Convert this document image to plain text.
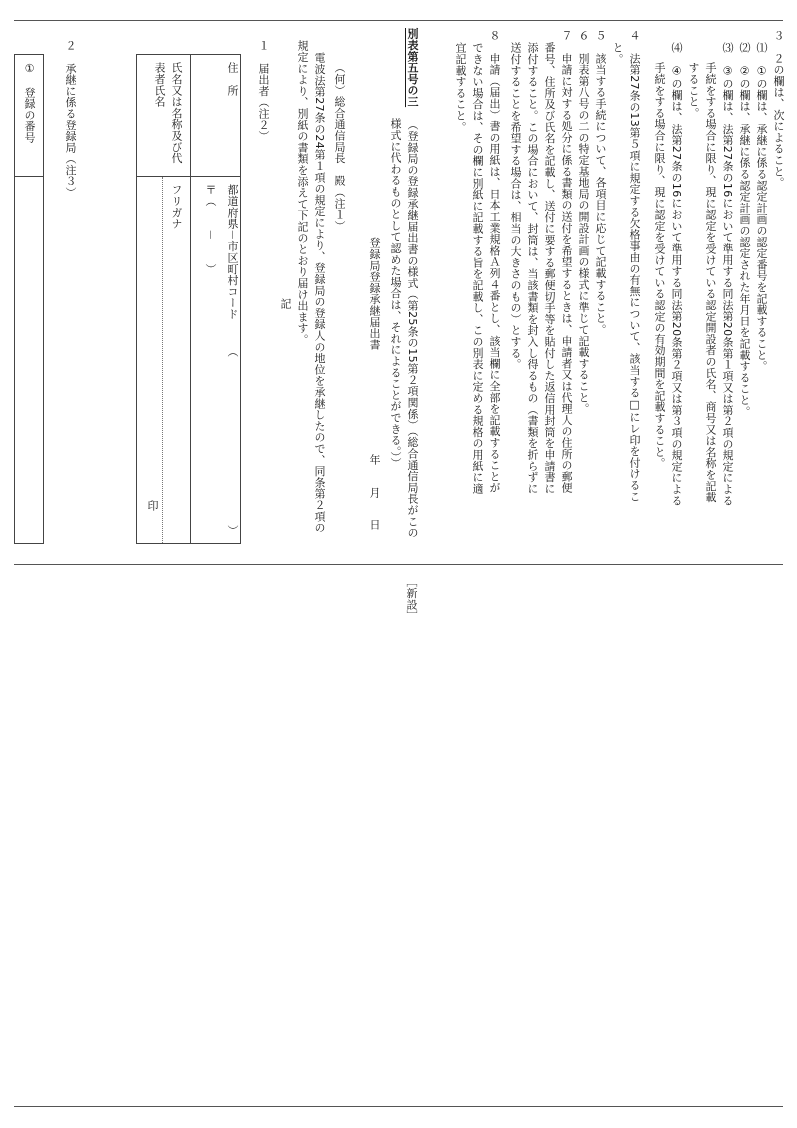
３　２の欄は、次によること。
⑴　①の欄は、承継に係る認定計画の認定番号を記載すること。
⑵　②の欄は、承継に係る認定計画の認定された年月日を記載すること。
⑶　③の欄は、法第27条の16において準用する同法第20条第１項又は第２項の規定による
手続をする場合に限り、現に認定を受けている認定開設者の氏名、商号又は名称を記載
すること。
⑷　④の欄は、法第27条の16において準用する同法第20条第２項又は第３項の規定による
手続をする場合に限り、現に認定を受けている認定の有効期間を記載すること。
４　法第27条の13第５項に規定する欠格事由の有無について、該当する□にレ印を付けるこ
と。
５　該当する手続について、各項目に応じて記載すること。
６　別表第八号の二の特定基地局の開設計画の様式に準じて記載すること。
７　申請に対する処分に係る書類の送付を希望するときは、申請者又は代理人の住所の郵便
番号、住所及び氏名を記載し、送付に要する郵便切手等を貼付した返信用封筒を申請書に
添付すること。この場合において、封筒は、当該書類を封入し得るもの（書類を折らずに
送付することを希望する場合は、相当の大きさのもの）とする。
８　申請（届出）書の用紙は、日本工業規格Ａ列４番とし、該当欄に全部を記載することが
できない場合は、その欄に別紙に記載する旨を記載し、この別表に定める規格の用紙に適
宜記載すること。
別表第五号の三
（登録局の登録承継届出書の様式（第25条の15第２項関係）（総合通信局長がこの
様式に代わるものとして認めた場合は、それによることができる。））
登録局登録承継届出書
［新設］
年
月
日
（何）総合通信局長　殿（注１）
電波法第27条の24第１項の規定により、登録局の登録人の地位を承継したので、同条第２項の
規定により、別紙の書類を添えて下記のとおり届け出ます。
記
１　届出者（注２）
住　所
都道府県－市区町村コード
（
）
〒（　　－　　）
氏名又は名称及び代
表者氏名
フリガナ
印
２　承継に係る登録局（注３）
①　登録の番号
